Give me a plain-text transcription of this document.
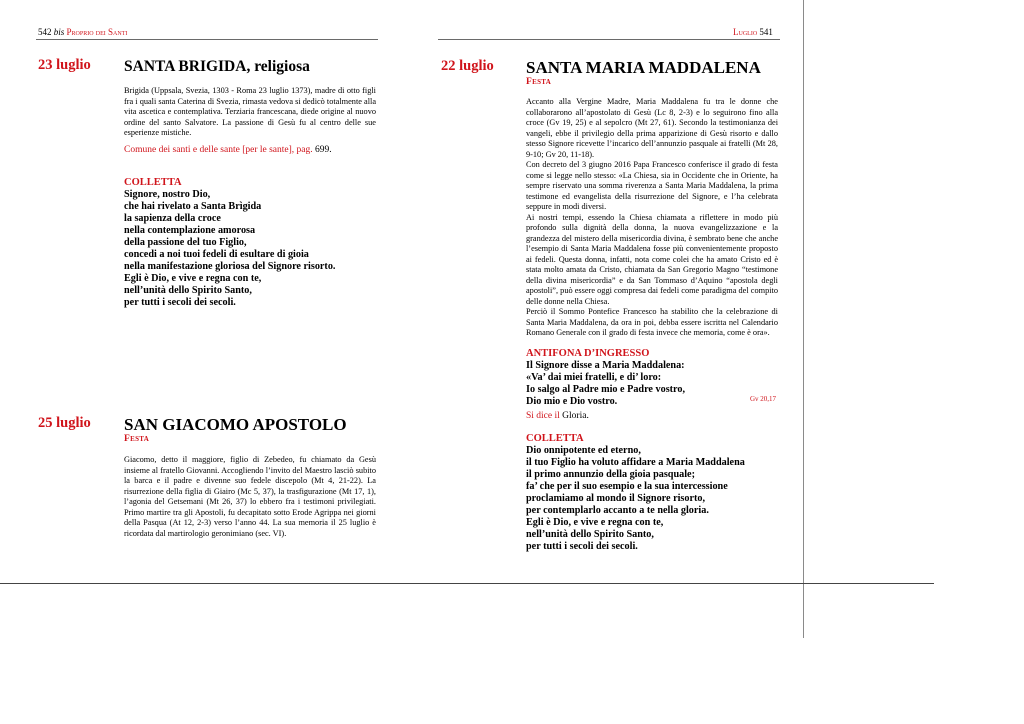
542 bis Proprio dei Santi	Luglio 541
23 luglio SANTA BRIGIDA, religiosa
Brigida (Uppsala, Svezia, 1303 - Roma 23 luglio 1373), madre di otto figli fra i quali santa Caterina di Svezia, rimasta vedova si dedicò totalmente alla vita ascetica e contemplativa. Terziaria francescana, diede origine al nuovo ordine del santo Salvatore. La passione di Gesù fu al centro delle sue esperienze mistiche.
Comune dei santi e delle sante [per le sante], pag. 699.
COLLETTA
Signore, nostro Dio,
che hai rivelato a Santa Brìgida
la sapienza della croce
nella contemplazione amorosa
della passione del tuo Figlio,
concedi a noi tuoi fedeli di esultare di gioia
nella manifestazione gloriosa del Signore risorto.
Egli è Dio, e vive e regna con te,
nell’unità dello Spirito Santo,
per tutti i secoli dei secoli.
25 luglio SAN GIACOMO APOSTOLO
Festa
Giacomo, detto il maggiore, figlio di Zebedeo, fu chiamato da Gesù insieme al fratello Giovanni. Accogliendo l’invito del Maestro lasciò subito la barca e il padre e divenne suo fedele discepolo (Mt 4, 21-22). La risurrezione della figlia di Giairo (Mc 5, 37), la trasfigurazione (Mt 17, 1), l’agonia del Getsemani (Mt 26, 37) lo ebbero fra i testimoni privilegiati. Primo martire tra gli Apostoli, fu decapitato sotto Erode Agrippa nei giorni della Pasqua (At 12, 2-3) verso l’anno 44. La sua memoria il 25 luglio è ricordata dal martirologio geronimiano (sec. VI).
22 luglio SANTA MARIA MADDALENA
Festa

Accanto alla Vergine Madre, Maria Maddalena fu tra le donne che collaborarono all’apostolato di Gesù (Lc 8, 2-3) e lo seguirono fino alla croce (Gv 19, 25) e al sepolcro (Mt 27, 61). Secondo la testimonianza dei vangeli, ebbe il privilegio della prima apparizione di Gesù risorto e dallo stesso Signore ricevette l’incarico dell’annunzio pasquale ai fratelli (Mt 28, 9-10; Gv 20, 11-18).

Con decreto del 3 giugno 2016 Papa Francesco conferisce il grado di festa come si legge nello stesso: «La Chiesa, sia in Occidente che in Oriente, ha sempre riservato una somma riverenza a Santa Maria Maddalena, la prima testimone ed evangelista della risurrezione del Signore, e l’ha celebrata seppure in modi diversi.

Ai nostri tempi, essendo la Chiesa chiamata a riflettere in modo più profondo sulla dignità della donna, la nuova evangelizzazione e la grandezza del mistero della misericordia divina, è sembrato bene che anche l’esempio di Santa Maria Maddalena fosse più convenientemente proposto ai fedeli. Questa donna, infatti, nota come colei che ha amato Cristo ed è stata molto amata da Cristo, chiamata da San Gregorio Magno “testimone della divina misericordia” e da San Tommaso d’Aquino “apostola degli apostoli”, può essere oggi compresa dai fedeli come paradigma del compito delle donne nella Chiesa.

Perciò il Sommo Pontefice Francesco ha stabilito che la celebrazione di Santa Maria Maddalena, da ora in poi, debba essere iscritta nel Calendario Romano Generale con il grado di festa invece che memoria, come è ora».

ANTIFONA D’INGRESSO
Il Signore disse a Maria Maddalena:
«Va’ dai miei fratelli, e di’ loro:
Io salgo al Padre mio e Padre vostro,
Dio mio e Dio vostro.	Gv 20,17
Si dice il Gloria.
COLLETTA
Dio onnipotente ed eterno,
il tuo Figlio ha voluto affidare a Maria Maddalena
il primo annunzio della gioia pasquale;
fa’ che per il suo esempio e la sua intercessione
proclamiamo al mondo il Signore risorto,
per contemplarlo accanto a te nella gloria.
Egli è Dio, e vive e regna con te,
nell’unità dello Spirito Santo,
per tutti i secoli dei secoli.
